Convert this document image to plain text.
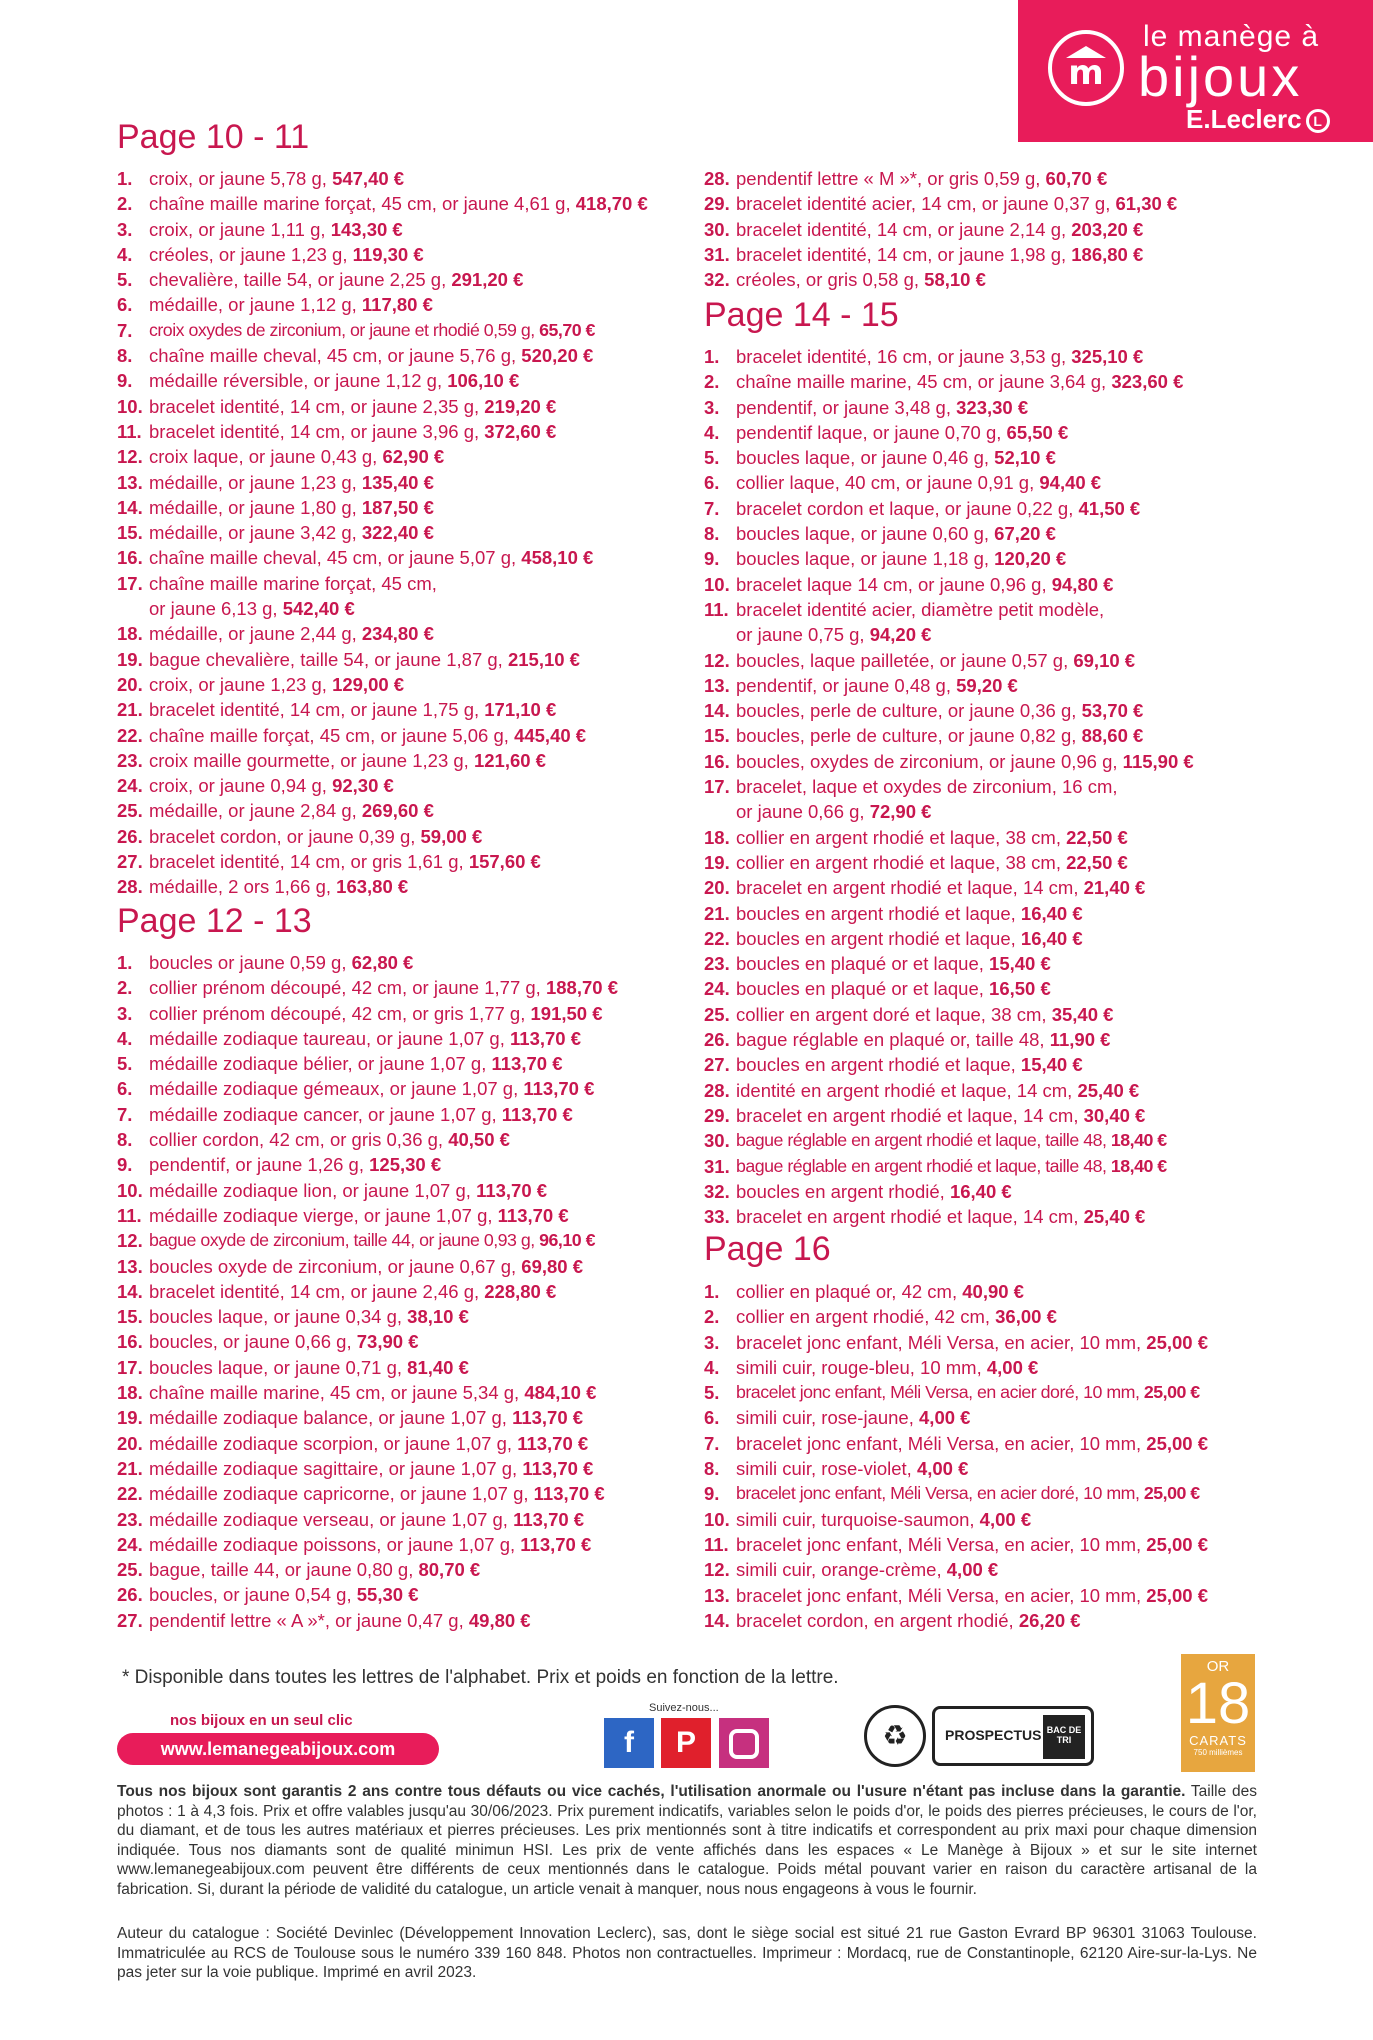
m
le manège à
bijoux
E.Leclerc L
Page 10 - 11
1. croix, or jaune 5,78 g, 547,40 €
2. chaîne maille marine forçat, 45 cm, or jaune 4,61 g, 418,70 €
3. croix, or jaune 1,11 g, 143,30 €
4. créoles, or jaune 1,23 g, 119,30 €
5. chevalière, taille 54, or jaune 2,25 g, 291,20 €
6. médaille, or jaune 1,12 g, 117,80 €
7. croix oxydes de zirconium, or jaune et rhodié 0,59 g, 65,70 €
8. chaîne maille cheval, 45 cm, or jaune 5,76 g, 520,20 €
9. médaille réversible, or jaune 1,12 g, 106,10 €
10. bracelet identité, 14 cm, or jaune 2,35 g, 219,20 €
11. bracelet identité, 14 cm, or jaune 3,96 g, 372,60 €
12. croix laque, or jaune 0,43 g, 62,90 €
13. médaille, or jaune 1,23 g, 135,40 €
14. médaille, or jaune 1,80 g, 187,50 €
15. médaille, or jaune 3,42 g, 322,40 €
16. chaîne maille cheval, 45 cm, or jaune 5,07 g, 458,10 €
17. chaîne maille marine forçat, 45 cm,
or jaune 6,13 g, 542,40 €
18. médaille, or jaune 2,44 g, 234,80 €
19. bague chevalière, taille 54, or jaune 1,87 g, 215,10 €
20. croix, or jaune 1,23 g, 129,00 €
21. bracelet identité, 14 cm, or jaune 1,75 g, 171,10 €
22. chaîne maille forçat, 45 cm, or jaune 5,06 g, 445,40 €
23. croix maille gourmette, or jaune 1,23 g, 121,60 €
24. croix, or jaune 0,94 g, 92,30 €
25. médaille, or jaune 2,84 g, 269,60 €
26. bracelet cordon, or jaune 0,39 g, 59,00 €
27. bracelet identité, 14 cm, or gris 1,61 g, 157,60 €
28. médaille, 2 ors 1,66 g, 163,80 €
Page 12 - 13
1. boucles or jaune 0,59 g, 62,80 €
2. collier prénom découpé, 42 cm, or jaune 1,77 g, 188,70 €
3. collier prénom découpé, 42 cm, or gris 1,77 g, 191,50 €
4. médaille zodiaque taureau, or jaune 1,07 g, 113,70 €
5. médaille zodiaque bélier, or jaune 1,07 g, 113,70 €
6. médaille zodiaque gémeaux, or jaune 1,07 g, 113,70 €
7. médaille zodiaque cancer, or jaune 1,07 g, 113,70 €
8. collier cordon, 42 cm, or gris 0,36 g, 40,50 €
9. pendentif, or jaune 1,26 g, 125,30 €
10. médaille zodiaque lion, or jaune 1,07 g, 113,70 €
11. médaille zodiaque vierge, or jaune 1,07 g, 113,70 €
12. bague oxyde de zirconium, taille 44, or jaune 0,93 g, 96,10 €
13. boucles oxyde de zirconium, or jaune 0,67 g, 69,80 €
14. bracelet identité, 14 cm, or jaune 2,46 g, 228,80 €
15. boucles laque, or jaune 0,34 g, 38,10 €
16. boucles, or jaune 0,66 g, 73,90 €
17. boucles laque, or jaune 0,71 g, 81,40 €
18. chaîne maille marine, 45 cm, or jaune 5,34 g, 484,10 €
19. médaille zodiaque balance, or jaune 1,07 g, 113,70 €
20. médaille zodiaque scorpion, or jaune 1,07 g, 113,70 €
21. médaille zodiaque sagittaire, or jaune 1,07 g, 113,70 €
22. médaille zodiaque capricorne, or jaune 1,07 g, 113,70 €
23. médaille zodiaque verseau, or jaune 1,07 g, 113,70 €
24. médaille zodiaque poissons, or jaune 1,07 g, 113,70 €
25. bague, taille 44, or jaune 0,80 g, 80,70 €
26. boucles, or jaune 0,54 g, 55,30 €
27. pendentif lettre « A »*, or jaune 0,47 g, 49,80 €
28. pendentif lettre « M »*, or gris 0,59 g, 60,70 €
29. bracelet identité acier, 14 cm, or jaune 0,37 g, 61,30 €
30. bracelet identité, 14 cm, or jaune 2,14 g, 203,20 €
31. bracelet identité, 14 cm, or jaune 1,98 g, 186,80 €
32. créoles, or gris 0,58 g, 58,10 €
Page 14 - 15
1. bracelet identité, 16 cm, or jaune 3,53 g, 325,10 €
2. chaîne maille marine, 45 cm, or jaune 3,64 g, 323,60 €
3. pendentif, or jaune 3,48 g, 323,30 €
4. pendentif laque, or jaune 0,70 g, 65,50 €
5. boucles laque, or jaune 0,46 g, 52,10 €
6. collier laque, 40 cm, or jaune 0,91 g, 94,40 €
7. bracelet cordon et laque, or jaune 0,22 g, 41,50 €
8. boucles laque, or jaune 0,60 g, 67,20 €
9. boucles laque, or jaune 1,18 g, 120,20 €
10. bracelet laque 14 cm, or jaune 0,96 g, 94,80 €
11. bracelet identité acier, diamètre petit modèle,
or jaune 0,75 g, 94,20 €
12. boucles, laque pailletée, or jaune 0,57 g, 69,10 €
13. pendentif, or jaune 0,48 g, 59,20 €
14. boucles, perle de culture, or jaune 0,36 g, 53,70 €
15. boucles, perle de culture, or jaune 0,82 g, 88,60 €
16. boucles, oxydes de zirconium, or jaune 0,96 g, 115,90 €
17. bracelet, laque et oxydes de zirconium, 16 cm,
or jaune 0,66 g, 72,90 €
18. collier en argent rhodié et laque, 38 cm, 22,50 €
19. collier en argent rhodié et laque, 38 cm, 22,50 €
20. bracelet en argent rhodié et laque, 14 cm, 21,40 €
21. boucles en argent rhodié et laque, 16,40 €
22. boucles en argent rhodié et laque, 16,40 €
23. boucles en plaqué or et laque, 15,40 €
24. boucles en plaqué or et laque, 16,50 €
25. collier en argent doré et laque, 38 cm, 35,40 €
26. bague réglable en plaqué or, taille 48, 11,90 €
27. boucles en argent rhodié et laque, 15,40 €
28. identité en argent rhodié et laque, 14 cm, 25,40 €
29. bracelet en argent rhodié et laque, 14 cm, 30,40 €
30. bague réglable en argent rhodié et laque, taille 48, 18,40 €
31. bague réglable en argent rhodié et laque, taille 48, 18,40 €
32. boucles en argent rhodié, 16,40 €
33. bracelet en argent rhodié et laque, 14 cm, 25,40 €
Page 16
1. collier en plaqué or, 42 cm, 40,90 €
2. collier en argent rhodié, 42 cm, 36,00 €
3. bracelet jonc enfant, Méli Versa, en acier, 10 mm, 25,00 €
4. simili cuir, rouge-bleu, 10 mm, 4,00 €
5. bracelet jonc enfant, Méli Versa, en acier doré, 10 mm, 25,00 €
6. simili cuir, rose-jaune, 4,00 €
7. bracelet jonc enfant, Méli Versa, en acier, 10 mm, 25,00 €
8. simili cuir, rose-violet, 4,00 €
9. bracelet jonc enfant, Méli Versa, en acier doré, 10 mm, 25,00 €
10. simili cuir, turquoise-saumon, 4,00 €
11. bracelet jonc enfant, Méli Versa, en acier, 10 mm, 25,00 €
12. simili cuir, orange-crème, 4,00 €
13. bracelet jonc enfant, Méli Versa, en acier, 10 mm, 25,00 €
14. bracelet cordon, en argent rhodié, 26,20 €
* Disponible dans toutes les lettres de l'alphabet. Prix et poids en fonction de la lettre.
nos bijoux en un seul clic
www.lemanegeabijoux.com
Suivez-nous...
f	P	♻	PROSPECTUS BAC DE TRI
OR
18
CARATS
750 millièmes
Tous nos bijoux sont garantis 2 ans contre tous défauts ou vice cachés, l'utilisation anormale ou l'usure n'étant pas incluse dans la garantie. Taille des photos : 1 à 4,3 fois. Prix et offre valables jusqu'au 30/06/2023. Prix purement indicatifs, variables selon le poids d'or, le poids des pierres précieuses, le cours de l'or, du diamant, et de tous les autres matériaux et pierres précieuses. Les prix mentionnés sont à titre indicatifs et correspondent au prix maxi pour chaque dimension indiquée. Tous nos diamants sont de qualité minimun HSI. Les prix de vente affichés dans les espaces « Le Manège à Bijoux » et sur le site internet www.lemanegeabijoux.com peuvent être différents de ceux mentionnés dans le catalogue. Poids métal pouvant varier en raison du caractère artisanal de la fabrication. Si, durant la période de validité du catalogue, un article venait à manquer, nous nous engageons à vous le fournir.
Auteur du catalogue : Société Devinlec (Développement Innovation Leclerc), sas, dont le siège social est situé 21 rue Gaston Evrard BP 96301 31063 Toulouse. Immatriculée au RCS de Toulouse sous le numéro 339 160 848. Photos non contractuelles. Imprimeur : Mordacq, rue de Constantinople, 62120 Aire-sur-la-Lys. Ne pas jeter sur la voie publique. Imprimé en avril 2023.
